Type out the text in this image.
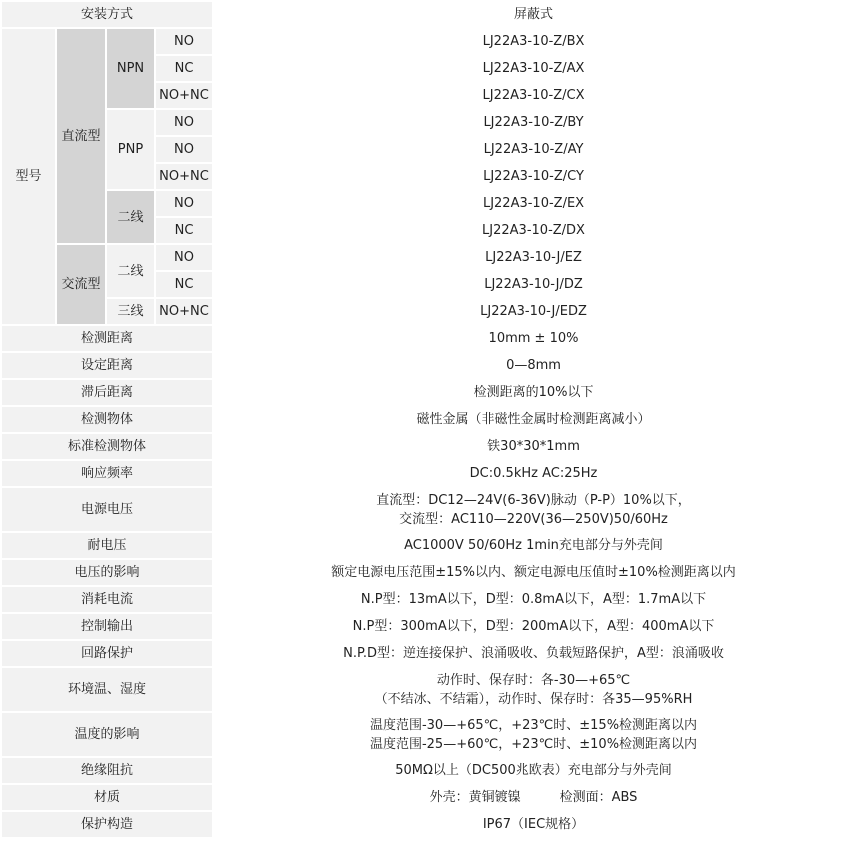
安装方式				屏蔽式
型号	直流型	NPN	NO	LJ22A3-10-Z/BX
			NC	LJ22A3-10-Z/AX
			NO+NC	LJ22A3-10-Z/CX
		PNP	NO	LJ22A3-10-Z/BY
			NO	LJ22A3-10-Z/AY
			NO+NC	LJ22A3-10-Z/CY
		二线	NO	LJ22A3-10-Z/EX
			NC	LJ22A3-10-Z/DX
	交流型	二线	NO	LJ22A3-10-J/EZ
			NC	LJ22A3-10-J/DZ
		三线	NO+NC	LJ22A3-10-J/EDZ
检测距离				10mm ± 10%

设定距离				0—8mm

滞后距离				检测距离的10%以下

检测物体				磁性金属（非磁性金属时检测距离减小）

标准检测物体				铁30*30*1mm

响应频率				DC:0.5kHz AC:25Hz

电源电压				直流型：DC12—24V(6-36V)脉动（P-P）10%以下，
交流型：AC110—220V(36—250V)50/60Hz

耐电压				AC1000V 50/60Hz 1min充电部分与外壳间

电压的影响				额定电源电压范围±15%以内、额定电源电压值时±10%检测距离以内

消耗电流				N.P型：13mA以下，D型：0.8mA以下，A型：1.7mA以下

控制输出				N.P型：300mA以下，D型：200mA以下，A型：400mA以下

回路保护				N.P.D型：逆连接保护、浪涌吸收、负载短路保护，A型：浪涌吸收

环境温、湿度				动作时、保存时：各-30—+65℃
（不结冰、不结霜），动作时、保存时：各35—95%RH

温度的影响				温度范围-30—+65℃，+23℃时、±15%检测距离以内
温度范围-25—+60℃，+23℃时、±10%检测距离以内

绝缘阻抗				50MΩ以上（DC500兆欧表）充电部分与外壳间

材质				外壳：黄铜镀镍　　　检测面：ABS

保护构造				IP67（IEC规格）
